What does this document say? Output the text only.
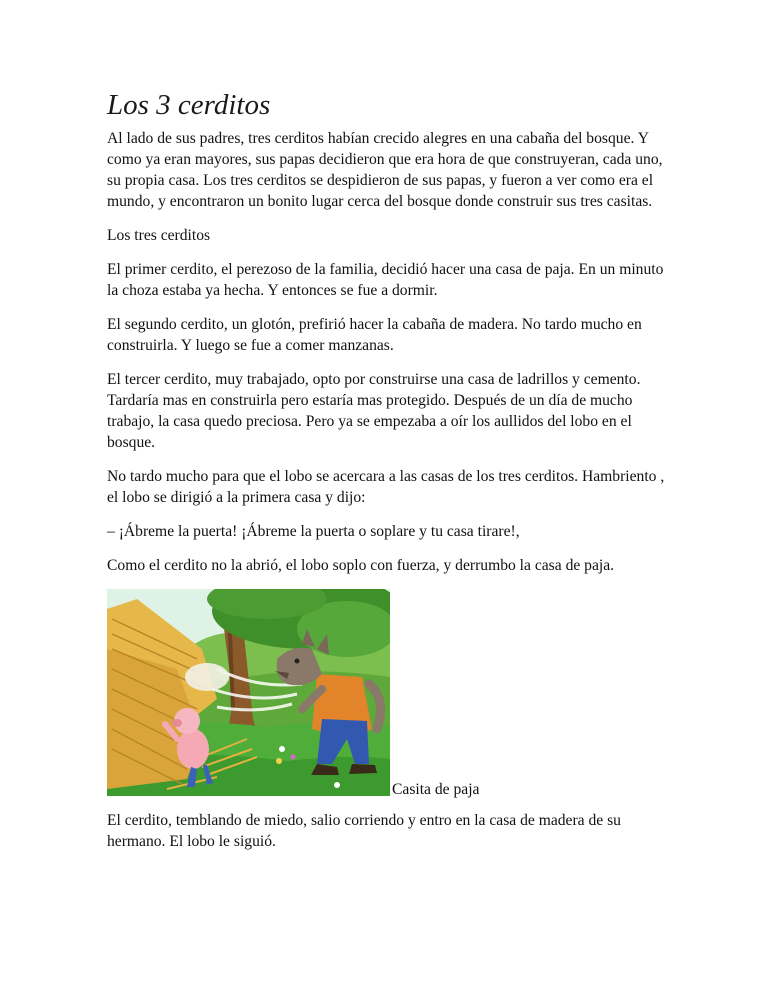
Los 3 cerditos

Al lado de sus padres, tres cerditos habían crecido alegres en una cabaña del bosque. Y como ya eran mayores, sus papas decidieron que era hora de que construyeran, cada uno, su propia casa. Los tres cerditos se despidieron de sus papas, y fueron a ver como era el mundo, y encontraron un bonito lugar cerca del bosque donde construir sus tres casitas.

Los tres cerditos

El primer cerdito, el perezoso de la familia, decidió hacer una casa de paja. En un minuto la choza estaba ya hecha. Y entonces se fue a dormir.

El segundo cerdito, un glotón, prefirió hacer la cabaña de madera. No tardo mucho en construirla. Y luego se fue a comer manzanas.

El tercer cerdito, muy trabajado, opto por construirse una casa de ladrillos y cemento. Tardaría mas en construirla pero estaría mas protegido. Después de un día de mucho trabajo, la casa quedo preciosa. Pero ya se empezaba a oír los aullidos del lobo en el bosque.

No tardo mucho para que el lobo se acercara a las casas de los tres cerditos. Hambriento , el lobo se dirigió a la primera casa y dijo:

– ¡Ábreme la puerta! ¡Ábreme la puerta o soplare y tu casa tirare!,

Como el cerdito no la abrió, el lobo soplo con fuerza, y derrumbo la casa de paja.

Casita de paja

El cerdito, temblando de miedo, salio corriendo y entro en la casa de madera de su hermano. El lobo le siguió.
